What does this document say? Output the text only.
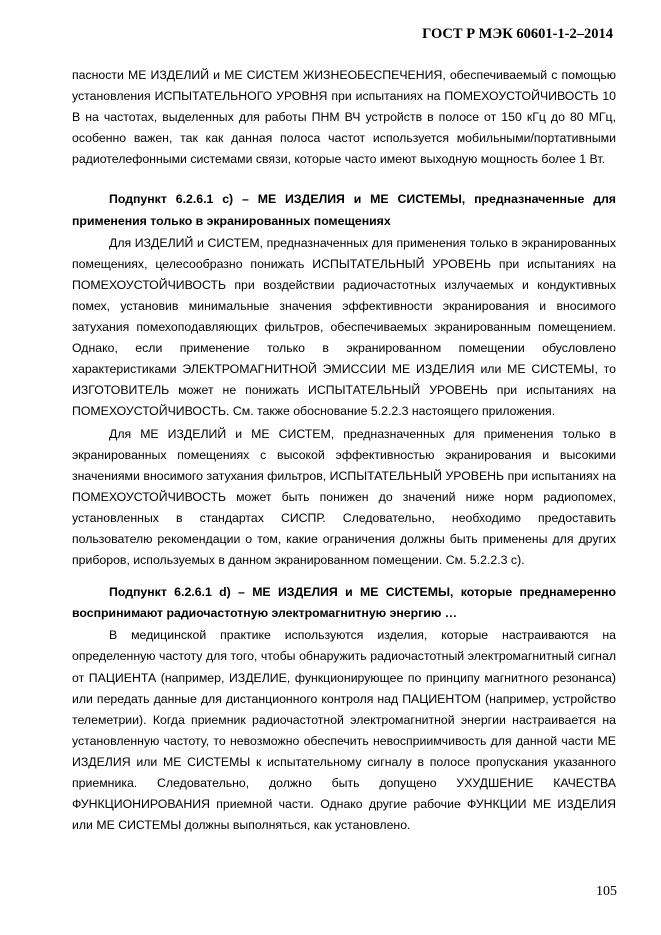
ГОСТ Р МЭК 60601-1-2–2014

пасности МЕ ИЗДЕЛИЙ и МЕ СИСТЕМ ЖИЗНЕОБЕСПЕЧЕНИЯ, обеспечиваемый с помощью установления ИСПЫТАТЕЛЬНОГО УРОВНЯ при испытаниях на ПОМЕХОУСТОЙЧИВОСТЬ 10 В на частотах, выделенных для работы ПНМ ВЧ устройств в полосе от 150 кГц до 80 МГц, особенно важен, так как данная полоса частот используется мобильными/портативными радиотелефонными системами связи, которые часто имеют выходную мощность более 1 Вт.

Подпункт 6.2.6.1 с) – МЕ ИЗДЕЛИЯ и МЕ СИСТЕМЫ, предназначенные для применения только в экранированных помещениях

Для ИЗДЕЛИЙ и СИСТЕМ, предназначенных для применения только в экранированных помещениях, целесообразно понижать ИСПЫТАТЕЛЬНЫЙ УРОВЕНЬ при испытаниях на ПОМЕХОУСТОЙЧИВОСТЬ при воздействии радиочастотных излучаемых и кондуктивных помех, установив минимальные значения эффективности экранирования и вносимого затухания помехоподавляющих фильтров, обеспечиваемых экранированным помещением. Однако, если применение только в экранированном помещении обусловлено характеристиками ЭЛЕКТРОМАГНИТНОЙ ЭМИССИИ МЕ ИЗДЕЛИЯ или МЕ СИСТЕМЫ, то ИЗГОТОВИТЕЛЬ может не понижать ИСПЫТАТЕЛЬНЫЙ УРОВЕНЬ при испытаниях на ПОМЕХОУСТОЙЧИВОСТЬ. См. также обоснование 5.2.2.3 настоящего приложения.

Для МЕ ИЗДЕЛИЙ и МЕ СИСТЕМ, предназначенных для применения только в экранированных помещениях с высокой эффективностью экранирования и высокими значениями вносимого затухания фильтров, ИСПЫТАТЕЛЬНЫЙ УРОВЕНЬ при испытаниях на ПОМЕХОУСТОЙЧИВОСТЬ может быть понижен до значений ниже норм радиопомех, установленных в стандартах СИСПР. Следовательно, необходимо предоставить пользователю рекомендации о том, какие ограничения должны быть применены для других приборов, используемых в данном экранированном помещении. См. 5.2.2.3 с).

Подпункт 6.2.6.1 d) – МЕ ИЗДЕЛИЯ и МЕ СИСТЕМЫ, которые преднамеренно воспринимают радиочастотную электромагнитную энергию …

В медицинской практике используются изделия, которые настраиваются на определенную частоту для того, чтобы обнаружить радиочастотный электромагнитный сигнал от ПАЦИЕНТА (например, ИЗДЕЛИЕ, функционирующее по принципу магнитного резонанса) или передать данные для дистанционного контроля над ПАЦИЕНТОМ (например, устройство телеметрии). Когда приемник радиочастотной электромагнитной энергии настраивается на установленную частоту, то невозможно обеспечить невосприимчивость для данной части МЕ ИЗДЕЛИЯ или МЕ СИСТЕМЫ к испытательному сигналу в полосе пропускания указанного приемника. Следовательно, должно быть допущено УХУДШЕНИЕ КАЧЕСТВА ФУНКЦИОНИРОВАНИЯ приемной части. Однако другие рабочие ФУНКЦИИ МЕ ИЗДЕЛИЯ или МЕ СИСТЕМЫ должны выполняться, как установлено.

105
